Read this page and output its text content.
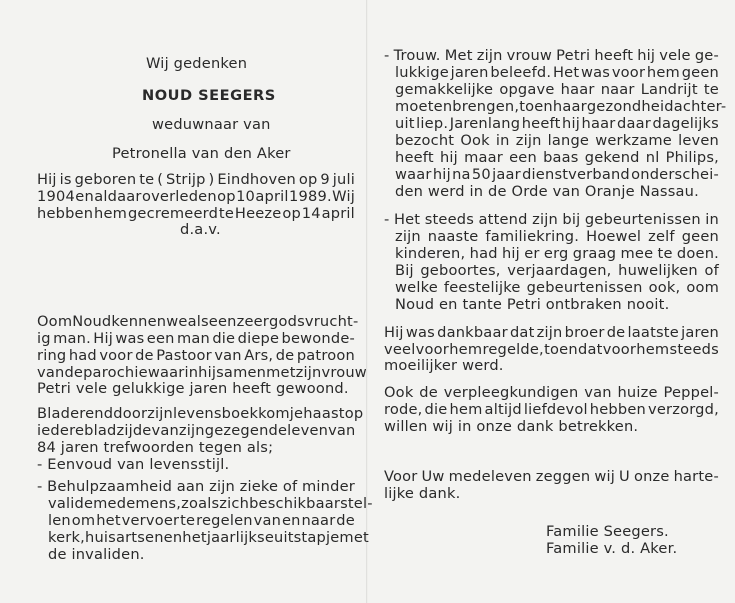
Wij gedenken
NOUD SEEGERS
weduwnaar van
Petronella van den Aker
Hij is geboren te ( Strijp ) Eindhoven op 9 juli
1904 en aldaar overleden op 10 april 1989. Wij
hebben hem gecremeerd te Heeze op 14 april
d.a.v.
Oom Noud kennen we als een zeer godsvrucht-
ig man. Hij was een man die diepe bewonde-
ring had voor de Pastoor van Ars, de patroon
van de parochie waarin hij samen met zijn vrouw
Petri vele gelukkige jaren heeft gewoond.
Bladerend door zijn levensboek kom je haast op
iedere bladzijde van zijn gezegende leven van
84 jaren trefwoorden tegen als;
- Eenvoud van levensstijl.
- Behulpzaamheid aan zijn zieke of minder
valide medemens, zoals zich beschikbaar stel-
len om het vervoer te regelen van en naar de
kerk, huisartsen en het jaarlijkse uitstapje met
de invaliden.
- Trouw. Met zijn vrouw Petri heeft hij vele ge-
lukkige jaren beleefd. Het was voor hem geen
gemakkelijke opgave haar naar Landrijt te
moeten brengen, toen haar gezondheid achter-
uit liep. Jarenlang heeft hij haar daar dagelijks
bezocht Ook in zijn lange werkzame leven
heeft hij maar een baas gekend nl Philips,
waar hij na 50 jaar dienstverband onderschei-
den werd in de Orde van Oranje Nassau.
- Het steeds attend zijn bij gebeurtenissen in
zijn naaste familiekring. Hoewel zelf geen
kinderen, had hij er erg graag mee te doen.
Bij geboortes, verjaardagen, huwelijken of
welke feestelijke gebeurtenissen ook, oom
Noud en tante Petri ontbraken nooit.
Hij was dankbaar dat zijn broer de laatste jaren
veel voor hem regelde, toen dat voor hem steeds
moeilijker werd.
Ook de verpleegkundigen van huize Peppel-
rode, die hem altijd liefdevol hebben verzorgd,
willen wij in onze dank betrekken.
Voor Uw medeleven zeggen wij U onze harte-
lijke dank.
Familie Seegers.
Familie v. d. Aker.
